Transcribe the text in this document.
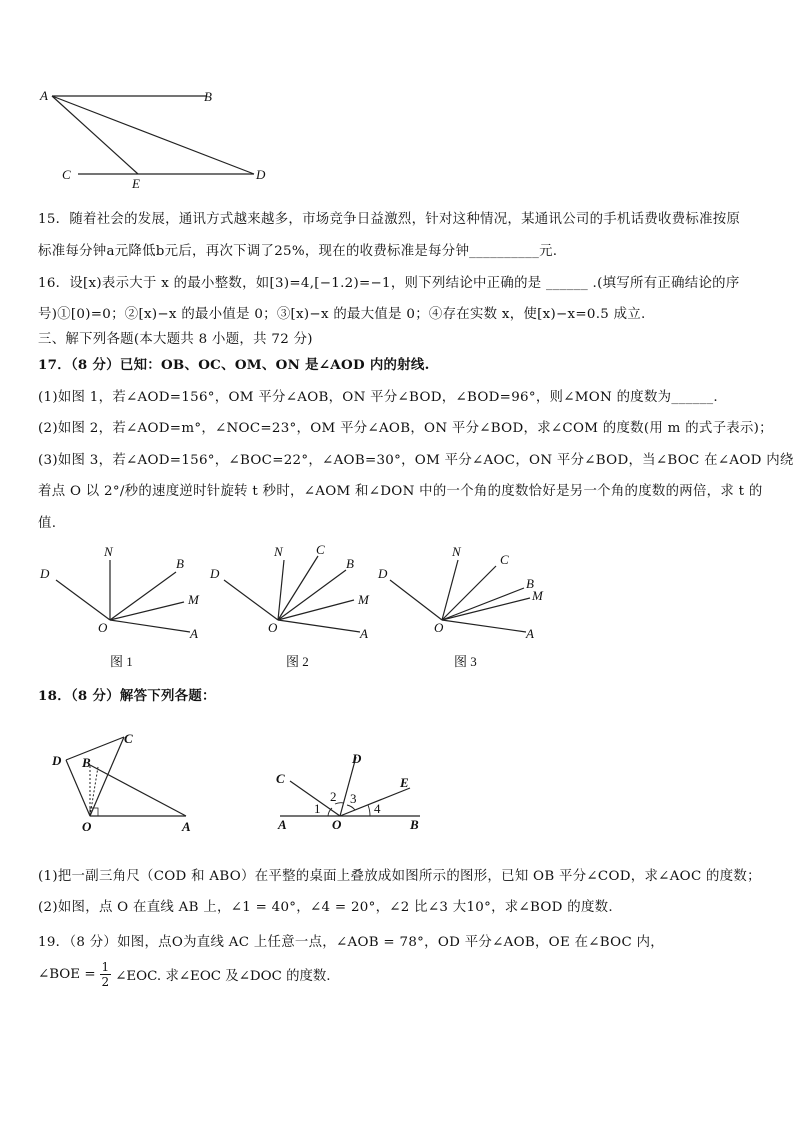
A	B
C
E
D
15．随着社会的发展，通讯方式越来越多，市场竞争日益激烈，针对这种情况，某通讯公司的手机话费收费标准按原
标准每分钟a元降低b元后，再次下调了25%，现在的收费标准是每分钟__________元.
16．设[x)表示大于 x 的最小整数，如[3)=4,[−1.2)=−1，则下列结论中正确的是 ______ .(填写所有正确结论的序
号)①[0)=0；②[x)−x 的最小值是 0；③[x)−x 的最大值是 0；④存在实数 x，使[x)−x=0.5 成立.
三、解下列各题(本大题共 8 小题，共 72 分)
17．（8 分）已知：OB、OC、OM、ON 是∠AOD 内的射线.
(1)如图 1，若∠AOD=156°，OM 平分∠AOB，ON 平分∠BOD，∠BOD=96°，则∠MON 的度数为______.
(2)如图 2，若∠AOD=m°，∠NOC=23°，OM 平分∠AOB，ON 平分∠BOD，求∠COM 的度数(用 m 的式子表示)；
(3)如图 3，若∠AOD=156°，∠BOC=22°，∠AOB=30°，OM 平分∠AOC，ON 平分∠BOD，当∠BOC 在∠AOD 内绕
着点 O 以 2°/秒的速度逆时针旋转 t 秒时，∠AOM 和∠DON 中的一个角的度数恰好是另一个角的度数的两倍，求 t 的
值.
D
N
B
M
O	A
图 1
D
N	C
B
M
O	A
图 2
D
N
C
B
M
O	A
图 3
18．（8 分）解答下列各题：
D B
C
O	A
C
D
E
A	O	B
1
2 3
4
(1)把一副三角尺（COD 和 ABO）在平整的桌面上叠放成如图所示的图形，已知 OB 平分∠COD，求∠AOC 的度数；
(2)如图，点 O 在直线 AB 上，∠1 = 40°，∠4 = 20°，∠2 比∠3 大10°，求∠BOD 的度数.
19．（8 分）如图，点O为直线 AC 上任意一点，∠AOB = 78°，OD 平分∠AOB，OE 在∠BOC 内，
∠BOE = $\frac{1}{2}$ ∠EOC. 求∠EOC 及∠DOC 的度数.
